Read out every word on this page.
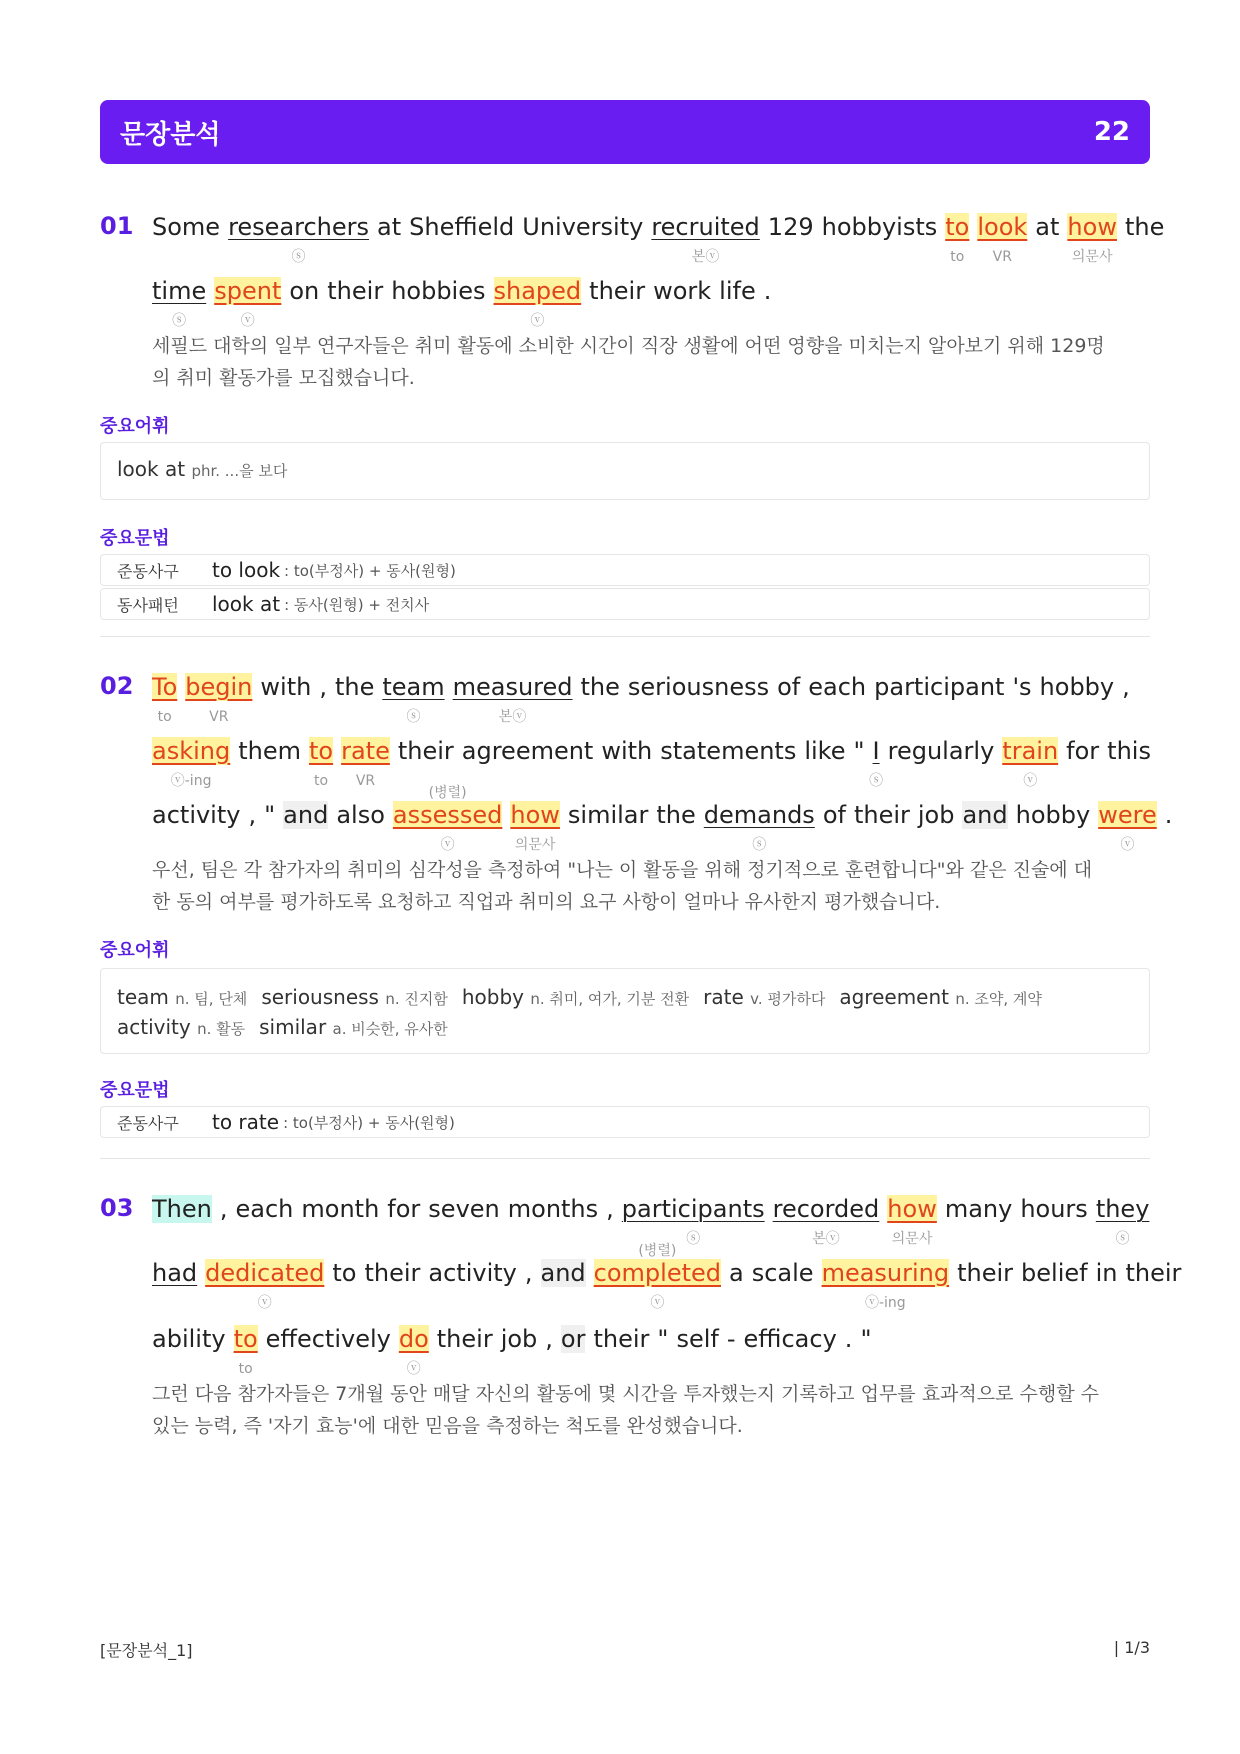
문장분석	22
01 Some researchers
ⓢ
at Sheffield University recruited
본ⓥ
129 hobbyists to
to
look
VR
at how
의문사
the
time
ⓢ
spent
ⓥ
on their hobbies shaped
ⓥ
their work life .
세필드 대학의 일부 연구자들은 취미 활동에 소비한 시간이 직장 생활에 어떤 영향을 미치는지 알아보기 위해 129명의 취미 활동가를 모집했습니다.
중요어휘
look at phr. ...을 보다
중요문법
준동사구	to look : to(부정사) + 동사(원형)
동사패턴	look at : 동사(원형) + 전치사
02 To
to
begin
VR
with , the team
ⓢ
measured
본ⓥ
the seriousness of each participant 's hobby ,
asking
ⓥ-ing
them to
to
rate
VR
their agreement with statements like " I
ⓢ
regularly train
ⓥ
for this
activity , " and also assessed
ⓥ
(병렬)
how
의문사
similar the demands
ⓢ
of their job and hobby were
ⓥ
.
우선, 팀은 각 참가자의 취미의 심각성을 측정하여 "나는 이 활동을 위해 정기적으로 훈련합니다"와 같은 진술에 대한 동의 여부를 평가하도록 요청하고 직업과 취미의 요구 사항이 얼마나 유사한지 평가했습니다.
중요어휘
team n. 팀, 단체 seriousness n. 진지함 hobby n. 취미, 여가, 기분 전환 rate v. 평가하다 agreement n. 조약, 계약activity n. 활동 similar a. 비슷한, 유사한
중요문법
준동사구	to rate : to(부정사) + 동사(원형)
03 Then , each month for seven months , participants
ⓢ
recorded
본ⓥ
how
의문사
many hours they
ⓢ
had dedicated
ⓥ
to their activity , and completed
ⓥ
(병렬)
a scale measuring
ⓥ-ing
their belief in their
ability to
to
effectively do
ⓥ
their job , or their " self - efficacy . "
그런 다음 참가자들은 7개월 동안 매달 자신의 활동에 몇 시간을 투자했는지 기록하고 업무를 효과적으로 수행할 수 있는 능력, 즉 '자기 효능'에 대한 믿음을 측정하는 척도를 완성했습니다.
[문장분석_1]	| 1/3
